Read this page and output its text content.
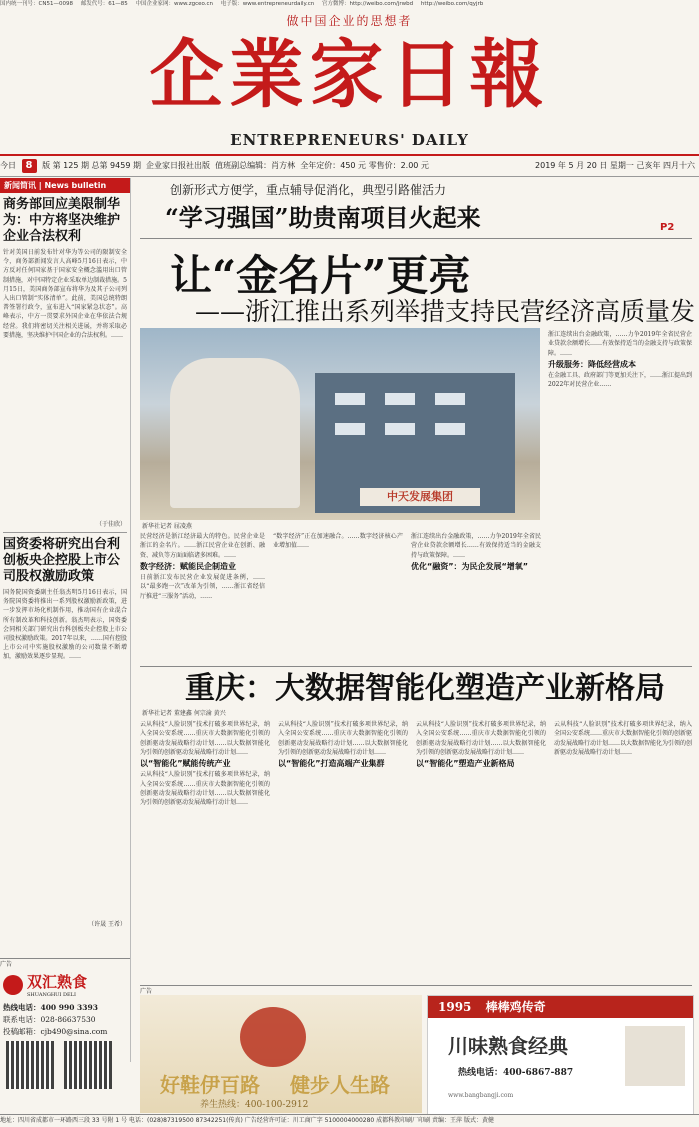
国内统一刊号：CN51—0098 邮发代号：61—85 中国企业家网：www.zgceo.cn 电子版：www.entrepreneurdaily.cn 官方微博：http://weibo.com/jrwbd http://weibo.com/qyjrb
做中国企业的思想者
企業家日報
ENTREPRENEURS' DAILY
今日 8 版 第 125 期 总第 9459 期 企业家日报社出版 值班副总编辑：肖方林 全年定价：450 元 零售价：2.00 元	2019 年 5 月 20 日 星期一 己亥年 四月十六
新闻简讯 | News bulletin
商务部回应美限制华为：中方将坚决维护企业合法权利
针对美国日前发布针对华为等公司的限制安全令，商务部新闻发言人高峰5月16日表示，中方反对任何国家基于国家安全概念滥用出口管制措施，对中国特定企业采取单边制裁措施。5月15日，美国商务部宣布将华为及其子公司列入出口管制“实体清单”。此前，美国总统特朗普签署行政令，宣布进入“国家紧急状态”。高峰表示，中方一贯要求外国企业在华依法合规经营。我们将密切关注相关进展，并将采取必要措施，坚决维护中国企业的合法权利。……
（于佳欣）
国资委将研究出台利创板央企控股上市公司股权激励政策
国务院国资委副主任翁杰明5月16日表示，国务院国资委将推出一系列股权激励新政策，进一步发挥市场化机制作用，推动国有企业混合所有制改革和科技创新。翁杰明表示，国资委会同相关部门研究出台科创板央企控股上市公司股权激励政策。2017年以来，……国有控股上市公司中实施股权激励的公司数量不断增加，激励效果逐步显现。……
（许晟 王希）
广告
双汇熟食
SHUANGHUI DELI
热线电话：400 990 3393
联系电话：028-86637530
投稿邮箱：cjb490@sina.com
创新形式方便学，重点辅导促消化，典型引路催活力
“学习强国”助贵南项目火起来	P2
让“金名片”更亮
——浙江推出系列举措支持民营经济高质量发
中天发展集团
新华社记者 屈凌燕
民营经济是浙江经济最大的特色。民营企业是浙江的金名片。……浙江民营企业在创新、融资、减负等方面面临诸多困难。……
数字经济：赋能民企制造业
日前浙江发布民营企业发展促进条例，……以“最多跑一次”改革为引领，……浙江省经信厅推进“三服务”活动，……
“数字经济”正在加速融合。……数字经济核心产业增加值……
浙江连续出台金融政策，……力争2019年全省民营企业贷款余额增长……有效保持适当的金融支持与政策保障。……
优化“融资”：为民企发展“增氧”
浙江连续出台金融政策，……力争2019年全省民营企业贷款余额增长……有效保持适当的金融支持与政策保障。……
升级服务：降低经营成本
在金融工具、政府部门等更加关注下，……浙江提出到2022年对民营企业……
重庆：大数据智能化塑造产业新格局
新华社记者 董建鑫 何宗渝 黄兴
云从科技“人脸识别”技术打破多项世界纪录，纳入全国公安系统……重庆市大数据智能化引领的创新驱动发展战略行动计划……以大数据智能化为引领的创新驱动发展战略行动计划……
以“智能化”赋能传统产业
云从科技“人脸识别”技术打破多项世界纪录，纳入全国公安系统……重庆市大数据智能化引领的创新驱动发展战略行动计划……以大数据智能化为引领的创新驱动发展战略行动计划……
云从科技“人脸识别”技术打破多项世界纪录，纳入全国公安系统……重庆市大数据智能化引领的创新驱动发展战略行动计划……以大数据智能化为引领的创新驱动发展战略行动计划……
以“智能化”打造高端产业集群
云从科技“人脸识别”技术打破多项世界纪录，纳入全国公安系统……重庆市大数据智能化引领的创新驱动发展战略行动计划……以大数据智能化为引领的创新驱动发展战略行动计划……
以“智能化”塑造产业新格局
云从科技“人脸识别”技术打破多项世界纪录，纳入全国公安系统……重庆市大数据智能化引领的创新驱动发展战略行动计划……以大数据智能化为引领的创新驱动发展战略行动计划……
广告
好鞋伊百路 健步人生路
养生热线：400-100-2912
1995 棒棒鸡传奇
川味熟食经典
热线电话：400-6867-887
www.bangbangji.com
地址：四川省成都市一环路西三段 33 号附 1 号 电话：(028)87319500 87342251(传真) 广告经营许可证：川工商广字 5100004000280 成都科教印刷厂印刷 责编：王萍 版式：黄健
